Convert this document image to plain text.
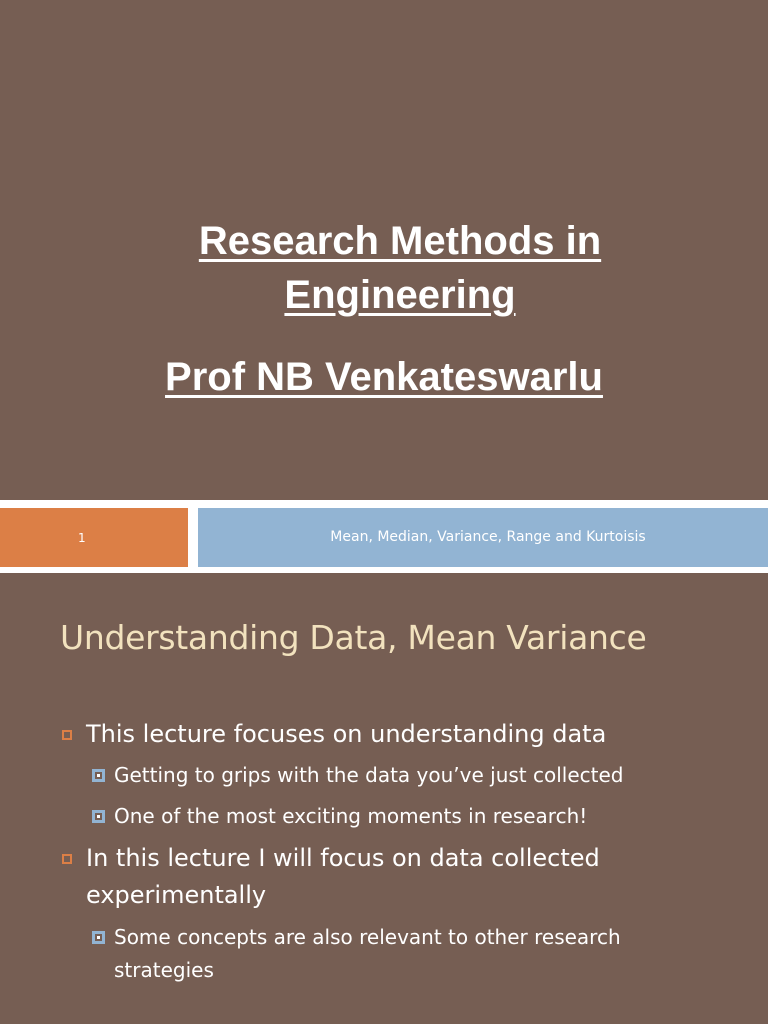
Research Methods in
Engineering
Prof NB Venkateswarlu
1	Mean, Median, Variance, Range and Kurtoisis
Understanding Data, Mean Variance
This lecture focuses on understanding data
Getting to grips with the data you’ve just collected
One of the most exciting moments in research!
In this lecture I will focus on data collected
experimentally
Some concepts are also relevant to other research
strategies
